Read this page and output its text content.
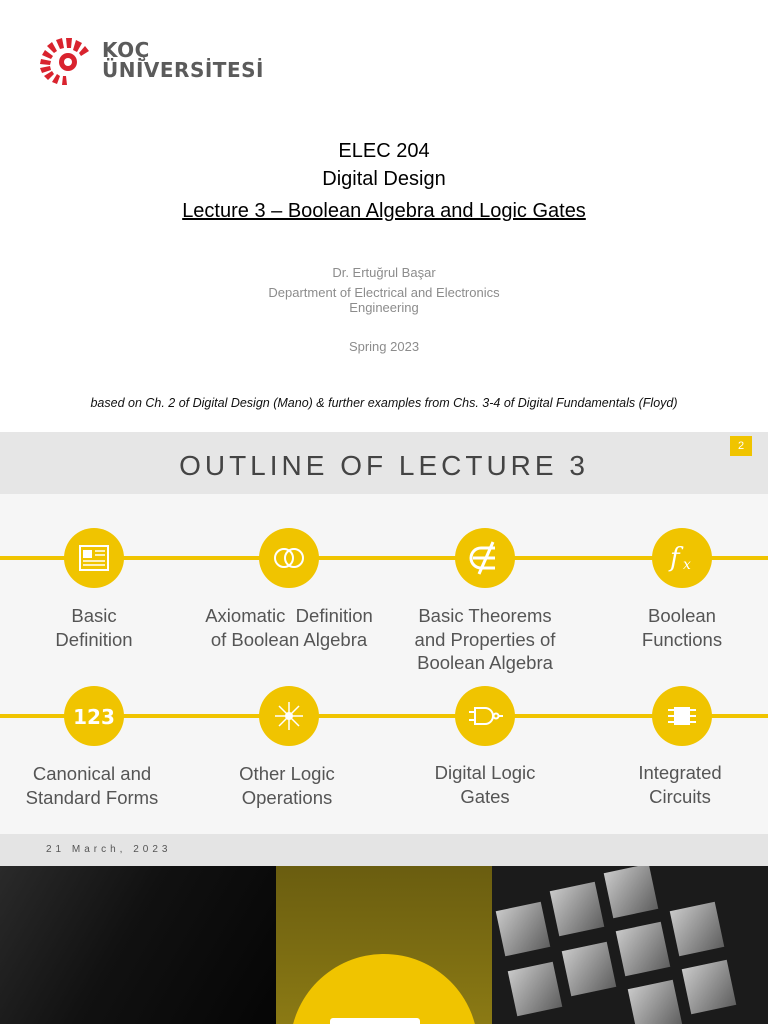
KOÇ
ÜNİVERSİTESİ
ELEC 204
Digital Design
Lecture 3 – Boolean Algebra and Logic Gates
Dr. Ertuğrul Başar
Department of Electrical and Electronics
Engineering
Spring 2023
based on Ch. 2 of Digital Design (Mano) & further examples from Chs. 3-4 of Digital Fundamentals (Floyd)
OUTLINE OF LECTURE 3
2
f x
Basic
Definition
Axiomatic  Definition
of Boolean Algebra
Basic Theorems
and Properties of
Boolean Algebra
Boolean
Functions
123
Canonical and
Standard Forms
Other Logic
Operations
Digital Logic
Gates
Integrated
Circuits
21 March, 2023
